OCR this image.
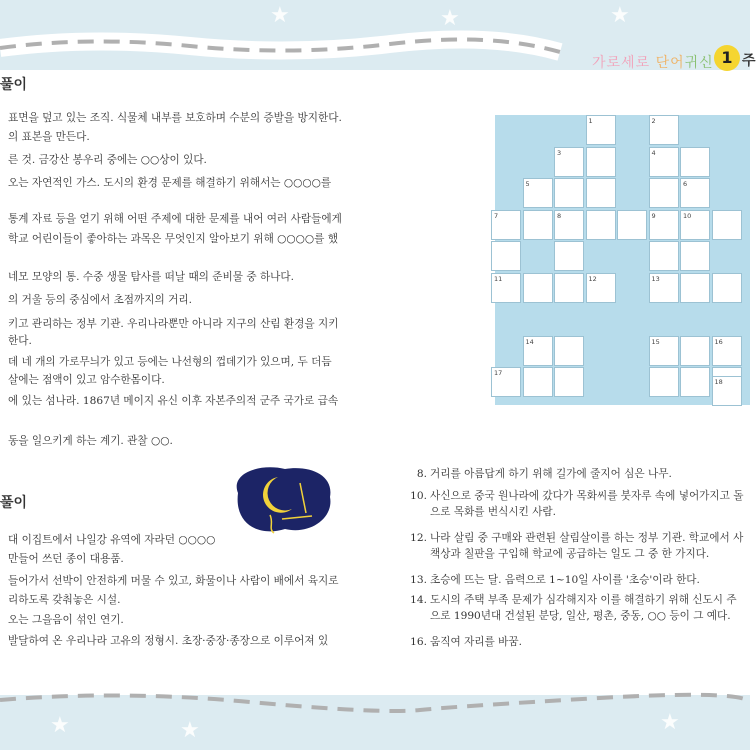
★	★
★
★	★	★
가로세로 단어귀신 1 주
풀이
표면을 덮고 있는 조직. 식물체 내부를 보호하며 수분의 증발을 방지한다.
의 표본을 만든다.
른 것. 금강산 봉우리 중에는 ○○상이 있다.
오는 자연적인 가스. 도시의 환경 문제를 해결하기 위해서는 ○○○○를
통계 자료 등을 얻기 위해 어떤 주제에 대한 문제를 내어 여러 사람들에게
학교 어린이들이 좋아하는 과목은 무엇인지 알아보기 위해 ○○○○를 했
네모 모양의 통. 수중 생물 탐사를 떠날 때의 준비물 중 하나다.
의 거울 등의 중심에서 초점까지의 거리.
키고 관리하는 정부 기관. 우리나라뿐만 아니라 지구의 산림 환경을 지키
한다.
데 네 개의 가로무늬가 있고 등에는 나선형의 껍데기가 있으며, 두 더듬
살에는 점액이 있고 암수한몸이다.
에 있는 섬나라. 1867년 메이지 유신 이후 자본주의적 군주 국가로 급속
동을 일으키게 하는 계기. 관찰 ○○.
풀이
대 이집트에서 나일강 유역에 자라던 ○○○○
만들어 쓰던 종이 대용품.
들어가서 선박이 안전하게 머물 수 있고, 화물이나 사람이 배에서 육지로
리하도록 갖춰놓은 시설.
오는 그을음이 섞인 연기.
발달하여 온 우리나라 고유의 정형시. 초장·중장·종장으로 이루어져 있
1	2
3	4
5	6
7	8	9	10
11	12	13
14	15	16
17
18
8. 거리를 아름답게 하기 위해 길가에 줄지어 심은 나무.
10. 사신으로 중국 원나라에 갔다가 목화씨를 붓자루 속에 넣어가지고 돌
으로 목화를 번식시킨 사람.
12. 나라 살림 중 구매와 관련된 살림살이를 하는 정부 기관. 학교에서 사
책상과 칠판을 구입해 학교에 공급하는 일도 그 중 한 가지다.
13. 초승에 뜨는 달. 음력으로 1~10일 사이를 '초승'이라 한다.
14. 도시의 주택 부족 문제가 심각해지자 이를 해결하기 위해 신도시 주
으로 1990년대 건설된 분당, 일산, 평촌, 중동, ○○ 등이 그 예다.
16. 움직여 자리를 바꿈.
